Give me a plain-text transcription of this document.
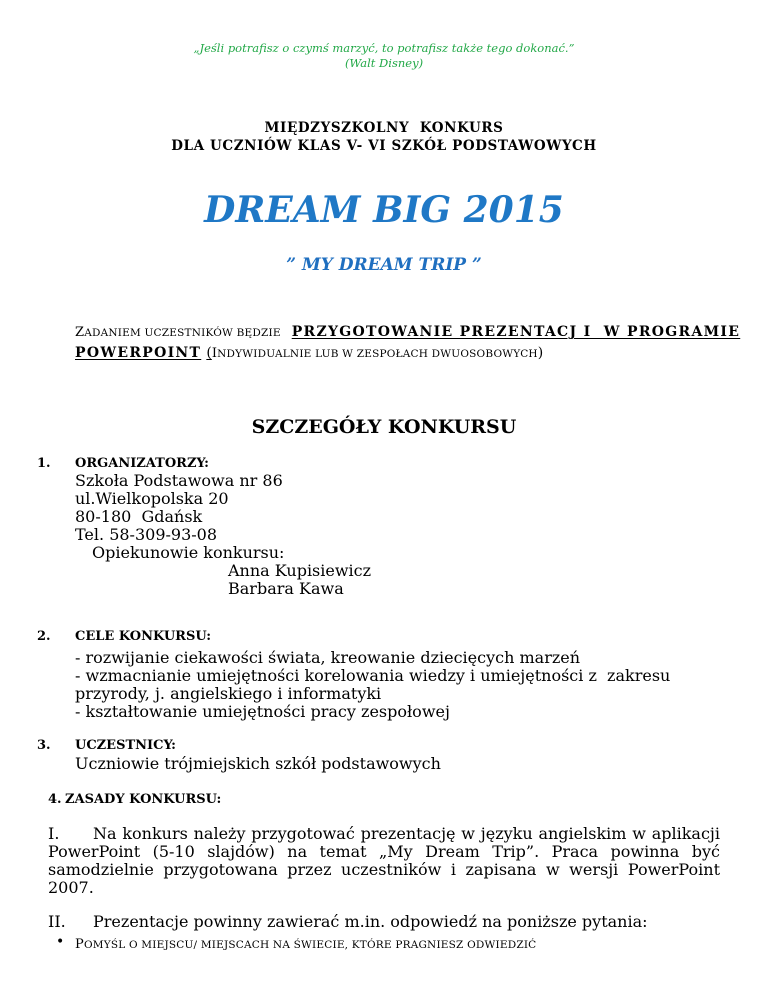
„Jeśli potrafisz o czymś marzyć, to potrafisz także tego dokonać.”
(Walt Disney)
MIĘDZYSZKOLNY  KONKURS
DLA UCZNIÓW KLAS V- VI SZKÓŁ PODSTAWOWYCH
DREAM BIG 2015
” MY DREAM TRIP ”
ZADANIEM UCZESTNIKÓW BĘDZIE PRZYGOTOWANIE PREZENTACJ I  W PROGRAMIE
POWERPOINT (INDYWIDUALNIE LUB W ZESPOŁACH DWUOSOBOWYCH)
SZCZEGÓŁY KONKURSU
1. ORGANIZATORZY:
Szkoła Podstawowa nr 86
ul.Wielkopolska 20
80-180  Gdańsk
Tel. 58-309-93-08
Opiekunowie konkursu:
Anna Kupisiewicz
Barbara Kawa
2. CELE KONKURSU:
- rozwijanie ciekawości świata, kreowanie dziecięcych marzeń
- wzmacnianie umiejętności korelowania wiedzy i umiejętności z  zakresu
przyrody, j. angielskiego i informatyki
- kształtowanie umiejętności pracy zespołowej
3. UCZESTNICY:
Uczniowie trójmiejskich szkół podstawowych
4. ZASADY KONKURSU:
I. Na konkurs należy przygotować prezentację w języku angielskim w aplikacji
PowerPoint (5-10 slajdów) na temat „My Dream Trip”. Praca powinna być
samodzielnie przygotowana przez uczestników i zapisana w wersji PowerPoint
2007.
II. Prezentacje powinny zawierać m.in. odpowiedź na poniższe pytania:
• POMYŚL O MIEJSCU/ MIEJSCACH NA ŚWIECIE, KTÓRE PRAGNIESZ ODWIEDZIĆ
